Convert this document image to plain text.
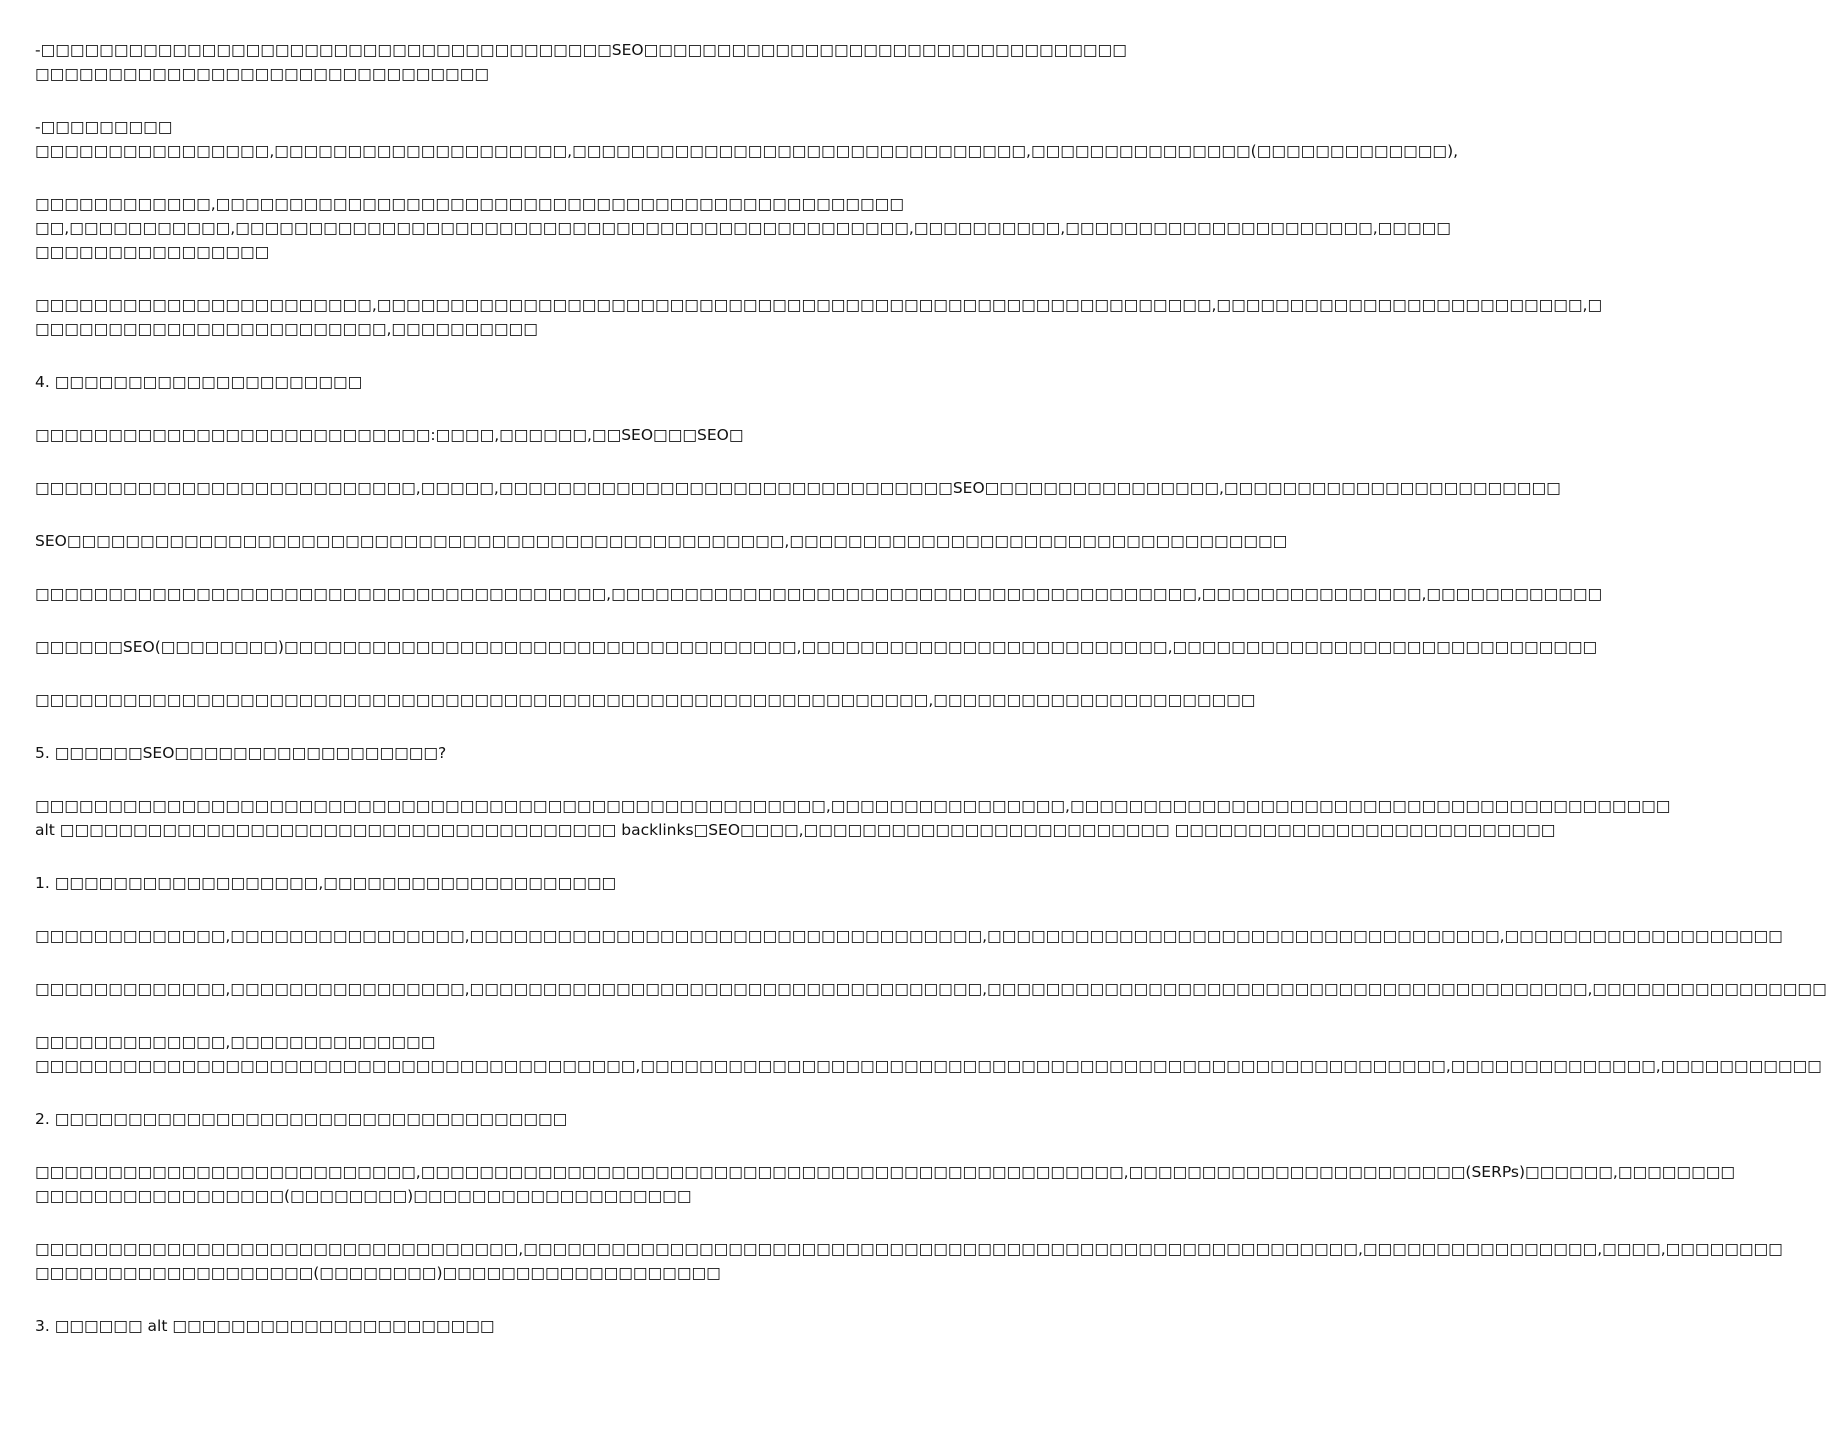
-□□□□□□□□□□□□□□□□□□□□□□□□□□□□□□□□□□□□□□□SEO□□□□□□□□□□□□□□□□□□□□□□□□□□□□□□□□□
□□□□□□□□□□□□□□□□□□□□□□□□□□□□□□□
-□□□□□□□□□
□□□□□□□□□□□□□□□□,□□□□□□□□□□□□□□□□□□□□,□□□□□□□□□□□□□□□□□□□□□□□□□□□□□□□,□□□□□□□□□□□□□□□(□□□□□□□□□□□□□),
□□□□□□□□□□□□,□□□□□□□□□□□□□□□□□□□□□□□□□□□□□□□□□□□□□□□□□□□□□□□
□□,□□□□□□□□□□□,□□□□□□□□□□□□□□□□□□□□□□□□□□□□□□□□□□□□□□□□□□□□□□,□□□□□□□□□□,□□□□□□□□□□□□□□□□□□□□□,□□□□□
□□□□□□□□□□□□□□□□
□□□□□□□□□□□□□□□□□□□□□□□,□□□□□□□□□□□□□□□□□□□□□□□□□□□□□□□□□□□□□□□□□□□□□□□□□□□□□□□□□,□□□□□□□□□□□□□□□□□□□□□□□□□,□
□□□□□□□□□□□□□□□□□□□□□□□□,□□□□□□□□□□
4. □□□□□□□□□□□□□□□□□□□□□
□□□□□□□□□□□□□□□□□□□□□□□□□□□:□□□□,□□□□□□,□□SEO□□□SEO□
□□□□□□□□□□□□□□□□□□□□□□□□□□,□□□□□,□□□□□□□□□□□□□□□□□□□□□□□□□□□□□□□SEO□□□□□□□□□□□□□□□□,□□□□□□□□□□□□□□□□□□□□□□□
SEO□□□□□□□□□□□□□□□□□□□□□□□□□□□□□□□□□□□□□□□□□□□□□□□□□,□□□□□□□□□□□□□□□□□□□□□□□□□□□□□□□□□□
□□□□□□□□□□□□□□□□□□□□□□□□□□□□□□□□□□□□□□□,□□□□□□□□□□□□□□□□□□□□□□□□□□□□□□□□□□□□□□□□,□□□□□□□□□□□□□□□,□□□□□□□□□□□□
□□□□□□SEO(□□□□□□□□)□□□□□□□□□□□□□□□□□□□□□□□□□□□□□□□□□□□,□□□□□□□□□□□□□□□□□□□□□□□□□,□□□□□□□□□□□□□□□□□□□□□□□□□□□□□
□□□□□□□□□□□□□□□□□□□□□□□□□□□□□□□□□□□□□□□□□□□□□□□□□□□□□□□□□□□□□,□□□□□□□□□□□□□□□□□□□□□□
5. □□□□□□SEO□□□□□□□□□□□□□□□□□□?
□□□□□□□□□□□□□□□□□□□□□□□□□□□□□□□□□□□□□□□□□□□□□□□□□□□□□□,□□□□□□□□□□□□□□□□,□□□□□□□□□□□□□□□□□□□□□□□□□□□□□□□□□□□□□□□□□
alt □□□□□□□□□□□□□□□□□□□□□□□□□□□□□□□□□□□□□□ backlinks□SEO□□□□,□□□□□□□□□□□□□□□□□□□□□□□□□ □□□□□□□□□□□□□□□□□□□□□□□□□□
1. □□□□□□□□□□□□□□□□□□,□□□□□□□□□□□□□□□□□□□□
□□□□□□□□□□□□□,□□□□□□□□□□□□□□□□,□□□□□□□□□□□□□□□□□□□□□□□□□□□□□□□□□□□,□□□□□□□□□□□□□□□□□□□□□□□□□□□□□□□□□□□,□□□□□□□□□□□□□□□□□□□
□□□□□□□□□□□□□,□□□□□□□□□□□□□□□□,□□□□□□□□□□□□□□□□□□□□□□□□□□□□□□□□□□□,□□□□□□□□□□□□□□□□□□□□□□□□□□□□□□□□□□□□□□□□□,□□□□□□□□□□□□□□□□
□□□□□□□□□□□□□,□□□□□□□□□□□□□□
□□□□□□□□□□□□□□□□□□□□□□□□□□□□□□□□□□□□□□□□□,□□□□□□□□□□□□□□□□□□□□□□□□□□□□□□□□□□□□□□□□□□□□□□□□□□□□□□□,□□□□□□□□□□□□□□,□□□□□□□□□□□
2. □□□□□□□□□□□□□□□□□□□□□□□□□□□□□□□□□□□
□□□□□□□□□□□□□□□□□□□□□□□□□□,□□□□□□□□□□□□□□□□□□□□□□□□□□□□□□□□□□□□□□□□□□□□□□□□,□□□□□□□□□□□□□□□□□□□□□□□(SERPs)□□□□□□,□□□□□□□□
□□□□□□□□□□□□□□□□□(□□□□□□□□)□□□□□□□□□□□□□□□□□□□
□□□□□□□□□□□□□□□□□□□□□□□□□□□□□□□□□,□□□□□□□□□□□□□□□□□□□□□□□□□□□□□□□□□□□□□□□□□□□□□□□□□□□□□□□□□,□□□□□□□□□□□□□□□□,□□□□,□□□□□□□□
□□□□□□□□□□□□□□□□□□□(□□□□□□□□)□□□□□□□□□□□□□□□□□□□
3. □□□□□□ alt □□□□□□□□□□□□□□□□□□□□□□
